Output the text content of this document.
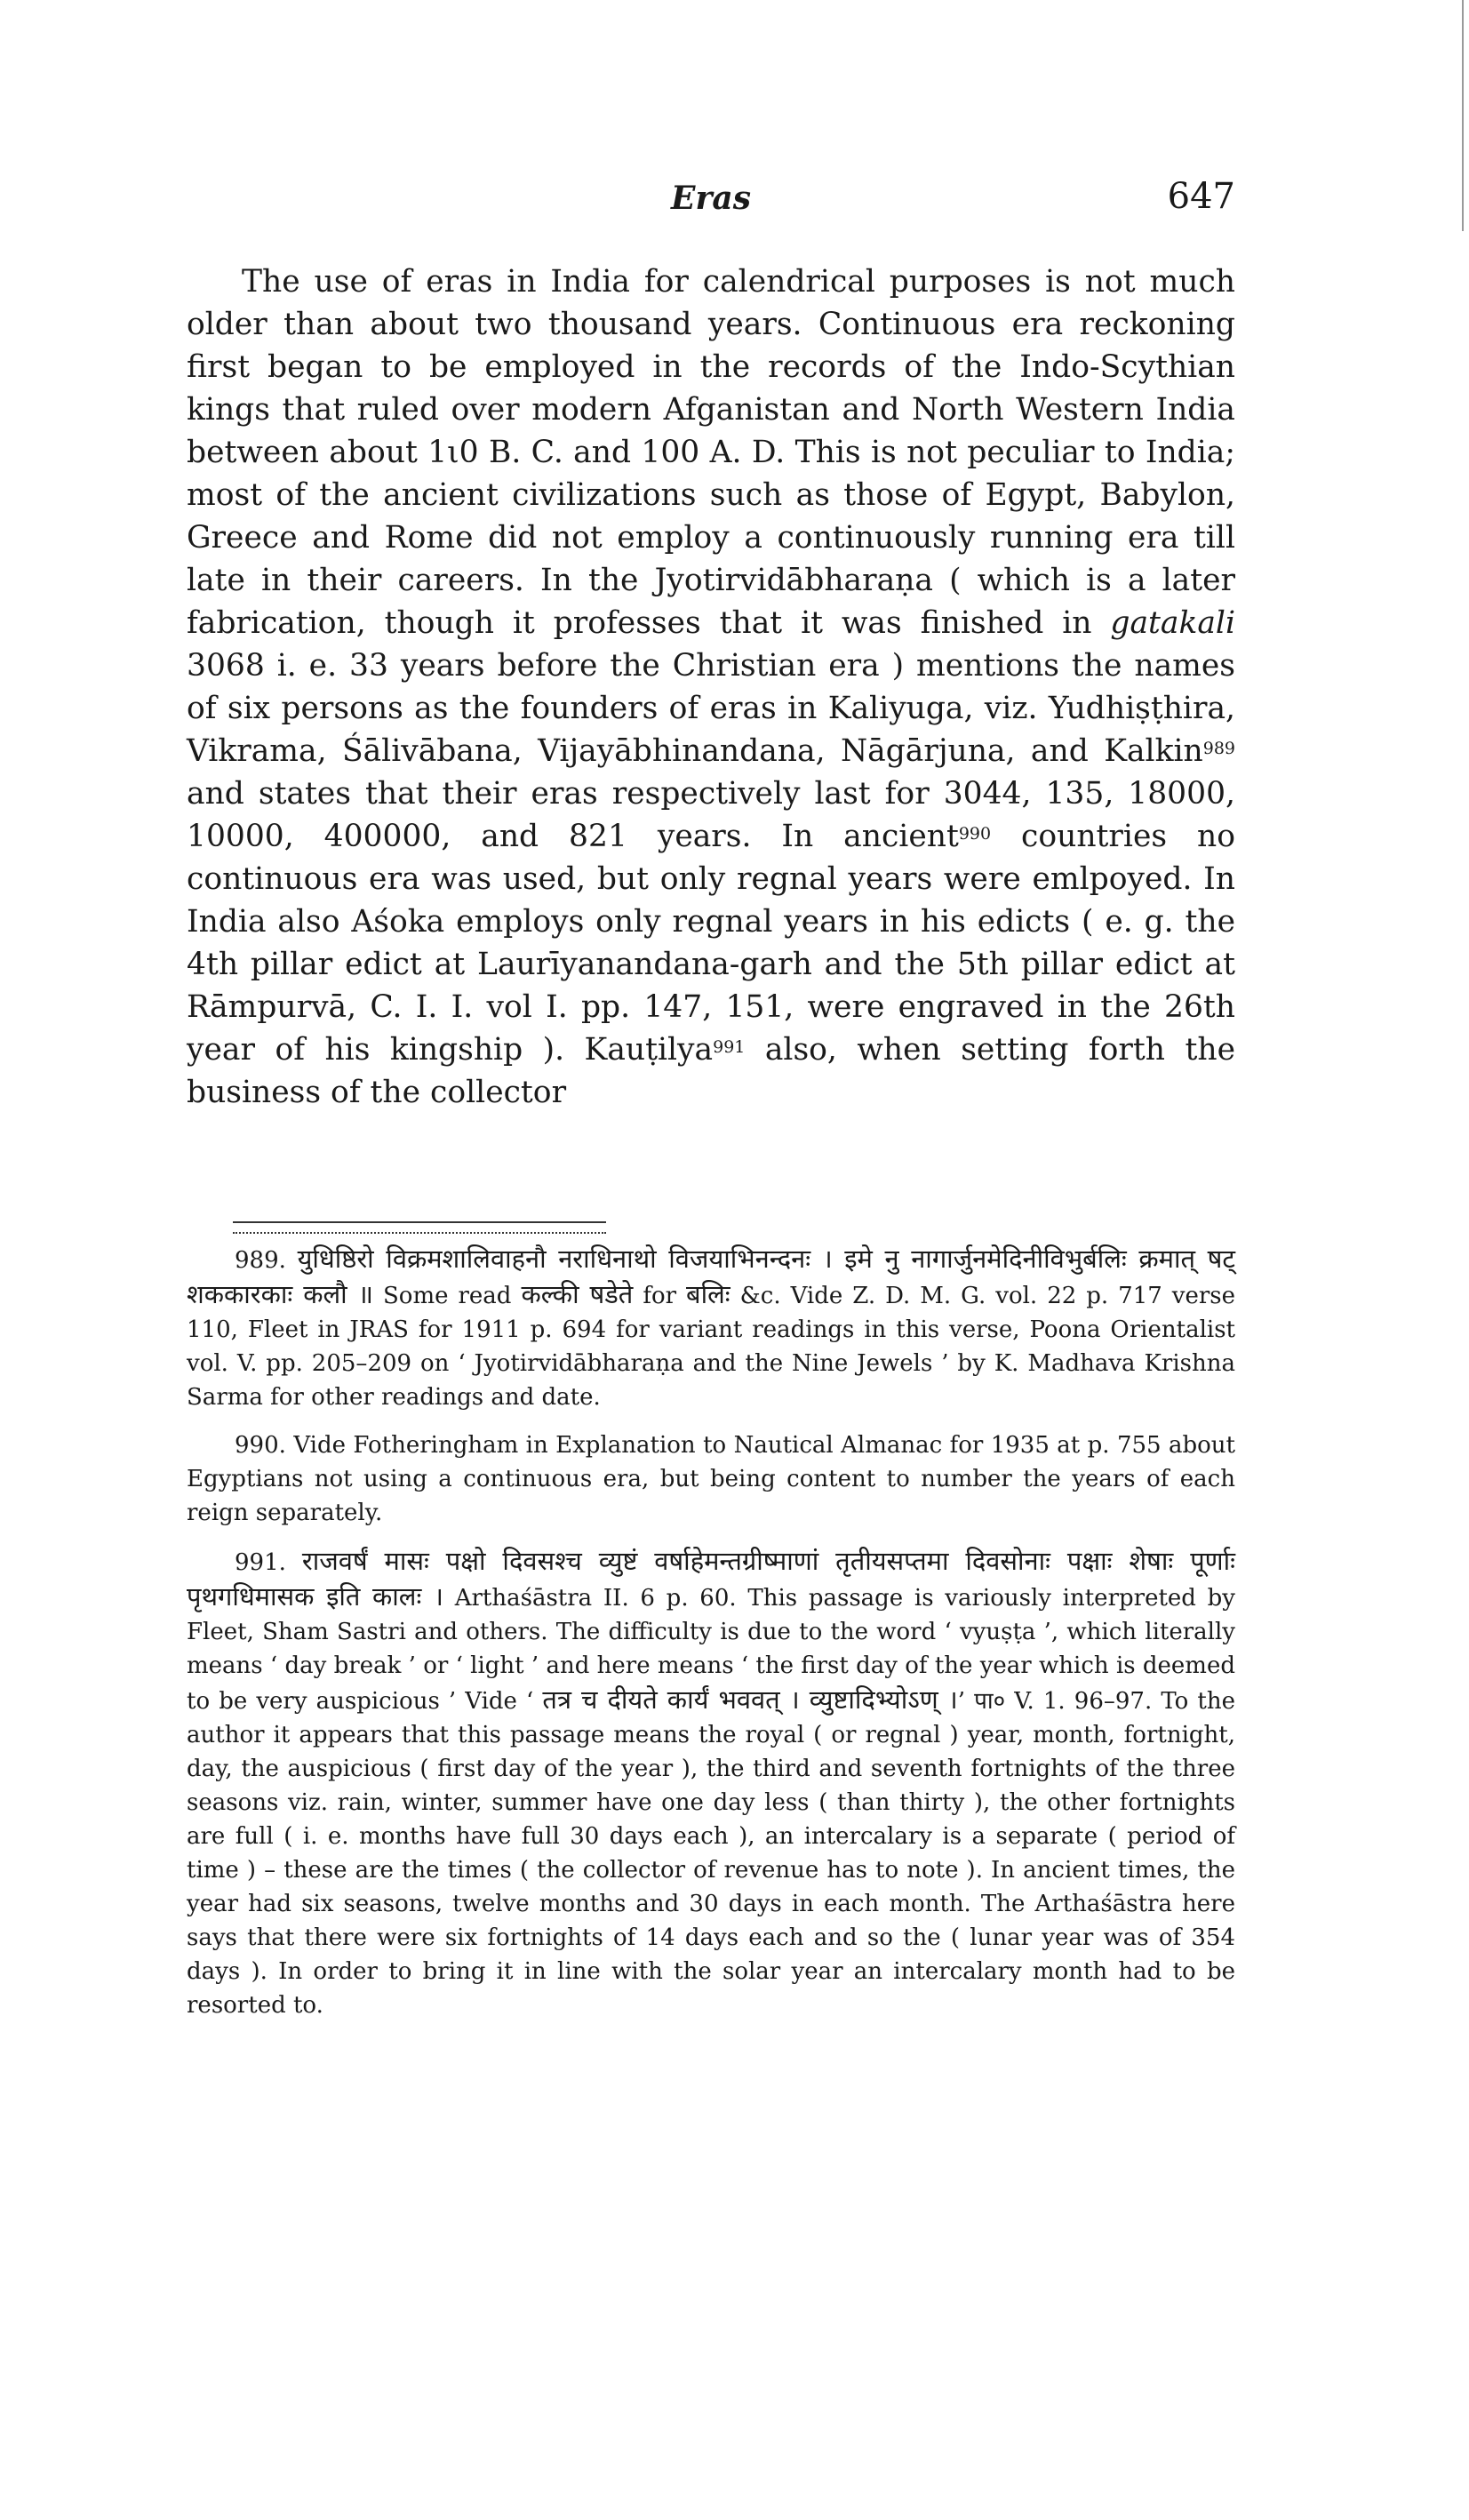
Eras	647

The use of eras in India for calendrical purposes is not much older than about two thousand years. Continuous era reckoning first began to be employed in the records of the Indo-Scythian kings that ruled over modern Afganistan and North Western India between about 1ι0 B. C. and 100 A. D. This is not peculiar to India; most of the ancient civilizations such as those of Egypt, Babylon, Greece and Rome did not employ a continuously running era till late in their careers. In the Jyotirvidābharaṇa ( which is a later fabrication, though it professes that it was finished in gatakali 3068 i. e. 33 years before the Christian era ) mentions the names of six persons as the founders of eras in Kaliyuga, viz. Yudhiṣṭhira, Vikrama, Śālivābana, Vijayābhinandana, Nāgārjuna, and Kalkin$^{989}$ and states that their eras respectively last for 3044, 135, 18000, 10000, 400000, and 821 years. In ancient$^{990}$ countries no continuous era was used, but only regnal years were emlpoyed. In India also Aśoka employs only regnal years in his edicts ( e. g. the 4th pillar edict at Laurīyanandana-garh and the 5th pillar edict at Rāmpurvā, C. I. I. vol I. pp. 147, 151, were engraved in the 26th year of his kingship ). Kauṭilya$^{991}$ also, when setting forth the business of the collector

989. युधिष्ठिरो विक्रमशालिवाहनौ नराधिनाथो विजयाभिनन्दनः । इमे नु नागार्जुनमेदिनीविभुर्बलिः क्रमात् षट् शककारकाः कलौ ॥ Some read कल्की षडेते for बलिः &c. Vide Z. D. M. G. vol. 22 p. 717 verse 110, Fleet in JRAS for 1911 p. 694 for variant readings in this verse, Poona Orientalist vol. V. pp. 205–209 on ‘ Jyotirvidābharaṇa and the Nine Jewels ’ by K. Madhava Krishna Sarma for other readings and date.

990. Vide Fotheringham in Explanation to Nautical Almanac for 1935 at p. 755 about Egyptians not using a continuous era, but being content to number the years of each reign separately.

991. राजवर्षं मासः पक्षो दिवसश्च व्युष्टं वर्षाहेमन्तग्रीष्माणां तृतीयसप्तमा दिवसोनाः पक्षाः शेषाः पूर्णाः पृथगधिमासक इति कालः । Arthaśāstra II. 6 p. 60. This passage is variously interpreted by Fleet, Sham Sastri and others. The difficulty is due to the word ‘ vyuṣṭa ’, which literally means ‘ day break ’ or ‘ light ’ and here means ‘ the first day of the year which is deemed to be very auspicious ’ Vide ‘ तत्र च दीयते कार्यं भववत् । व्युष्टादिभ्योऽण् ।’ पा० V. 1. 96–97. To the author it appears that this passage means the royal ( or regnal ) year, month, fortnight, day, the auspicious ( first day of the year ), the third and seventh fortnights of the three seasons viz. rain, winter, summer have one day less ( than thirty ), the other fortnights are full ( i. e. months have full 30 days each ), an intercalary is a separate ( period of time ) – these are the times ( the collector of revenue has to note ). In ancient times, the year had six seasons, twelve months and 30 days in each month. The Arthaśāstra here says that there were six fortnights of 14 days each and so the ( lunar year was of 354 days ). In order to bring it in line with the solar year an intercalary month had to be resorted to.
